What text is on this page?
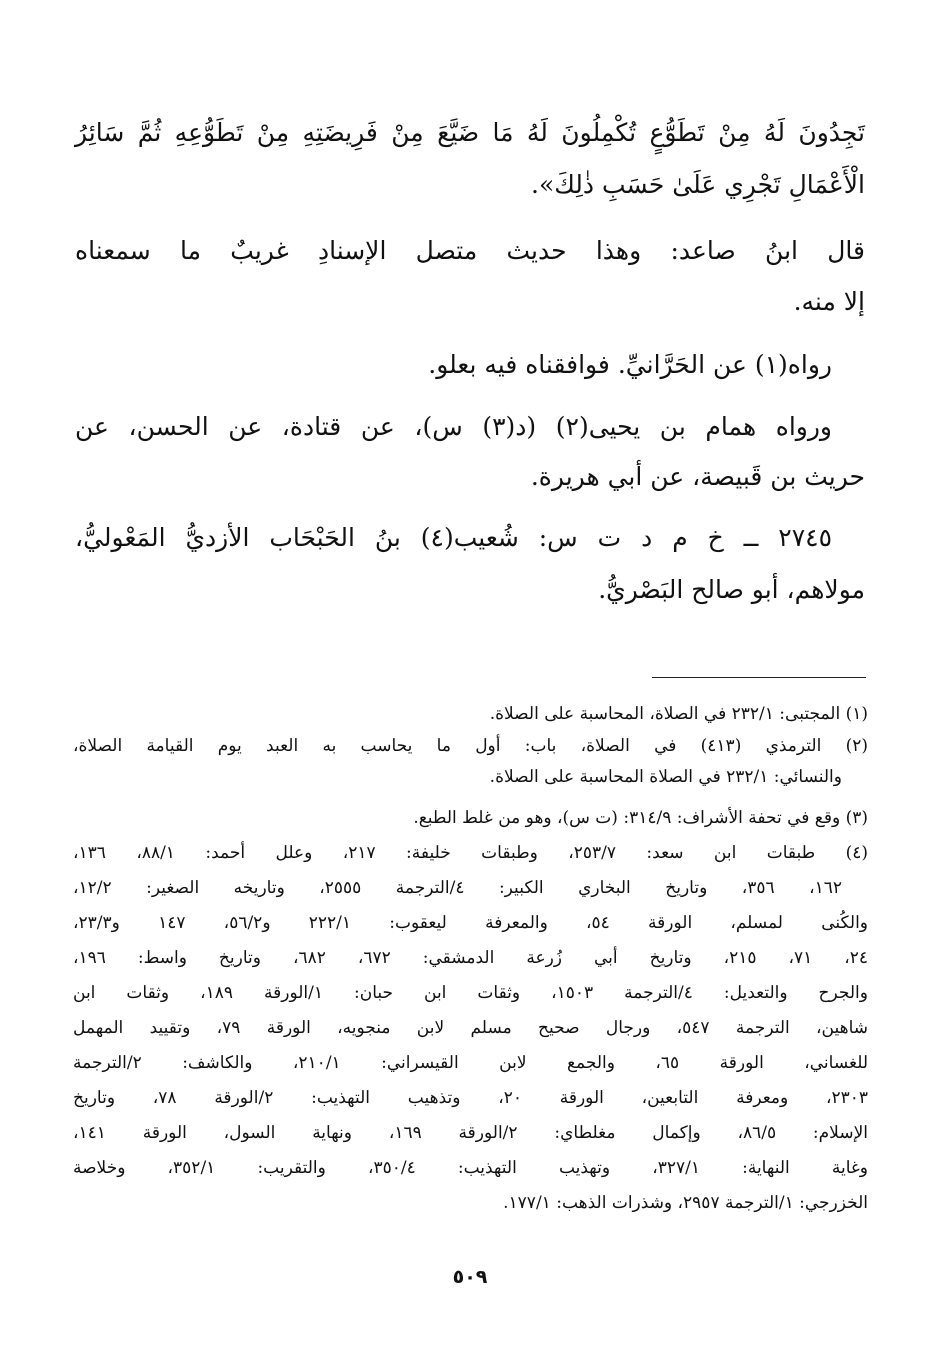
تَجِدُونَ لَهُ مِنْ تَطَوُّعٍ تُكْمِلُونَ لَهُ مَا ضَيَّعَ مِنْ فَرِيضَتِهِ مِنْ تَطَوُّعِهِ ثُمَّ سَائِرُ
الْأَعْمَالِ تَجْرِي عَلَىٰ حَسَبِ ذٰلِكَ».
قال ابنُ صاعد: وهذا حديث متصل الإسنادِ غريبٌ ما سمعناه
إلا منه.
رواه(١) عن الحَرَّانيِّ. فوافقناه فيه بعلو.
ورواه همام بن يحيى(٢) (د(٣) س)، عن قتادة، عن الحسن، عن
حريث بن قَبيصة، عن أبي هريرة.
٢٧٤٥ ــ خ م د ت س: شُعيب(٤) بنُ الحَبْحَاب الأزديُّ المَعْوليُّ،
مولاهم، أبو صالح البَصْريُّ.
(١) المجتبى: ٢٣٢/١ في الصلاة، المحاسبة على الصلاة.
(٢) الترمذي (٤١٣) في الصلاة، باب: أول ما يحاسب به العبد يوم القيامة الصلاة،
والنسائي: ٢٣٢/١ في الصلاة المحاسبة على الصلاة.
(٣) وقع في تحفة الأشراف: ٣١٤/٩: (ت س)، وهو من غلط الطبع.
(٤) طبقات ابن سعد: ٢٥٣/٧، وطبقات خليفة: ٢١٧، وعلل أحمد: ٨٨/١، ١٣٦،
١٦٢، ٣٥٦، وتاريخ البخاري الكبير: ٤/الترجمة ٢٥٥٥، وتاريخه الصغير: ١٢/٢،
والكُنى لمسلم، الورقة ٥٤، والمعرفة ليعقوب: ٢٢٢/١ و٥٦/٢، ١٤٧ و٢٣/٣،
٢٤، ٧١، ٢١٥، وتاريخ أبي زُرعة الدمشقي: ٦٧٢، ٦٨٢، وتاريخ واسط: ١٩٦،
والجرح والتعديل: ٤/الترجمة ١٥٠٣، وثقات ابن حبان: ١/الورقة ١٨٩، وثقات ابن
شاهين، الترجمة ٥٤٧، ورجال صحيح مسلم لابن منجويه، الورقة ٧٩، وتقييد المهمل
للغساني، الورقة ٦٥، والجمع لابن القيسراني: ٢١٠/١، والكاشف: ٢/الترجمة
٢٣٠٣، ومعرفة التابعين، الورقة ٢٠، وتذهيب التهذيب: ٢/الورقة ٧٨، وتاريخ
الإسلام: ٨٦/٥، وإكمال مغلطاي: ٢/الورقة ١٦٩، ونهاية السول، الورقة ١٤١،
وغاية النهاية: ٣٢٧/١، وتهذيب التهذيب: ٣٥٠/٤، والتقريب: ٣٥٢/١، وخلاصة
الخزرجي: ١/الترجمة ٢٩٥٧، وشذرات الذهب: ١٧٧/١.
٥٠٩
